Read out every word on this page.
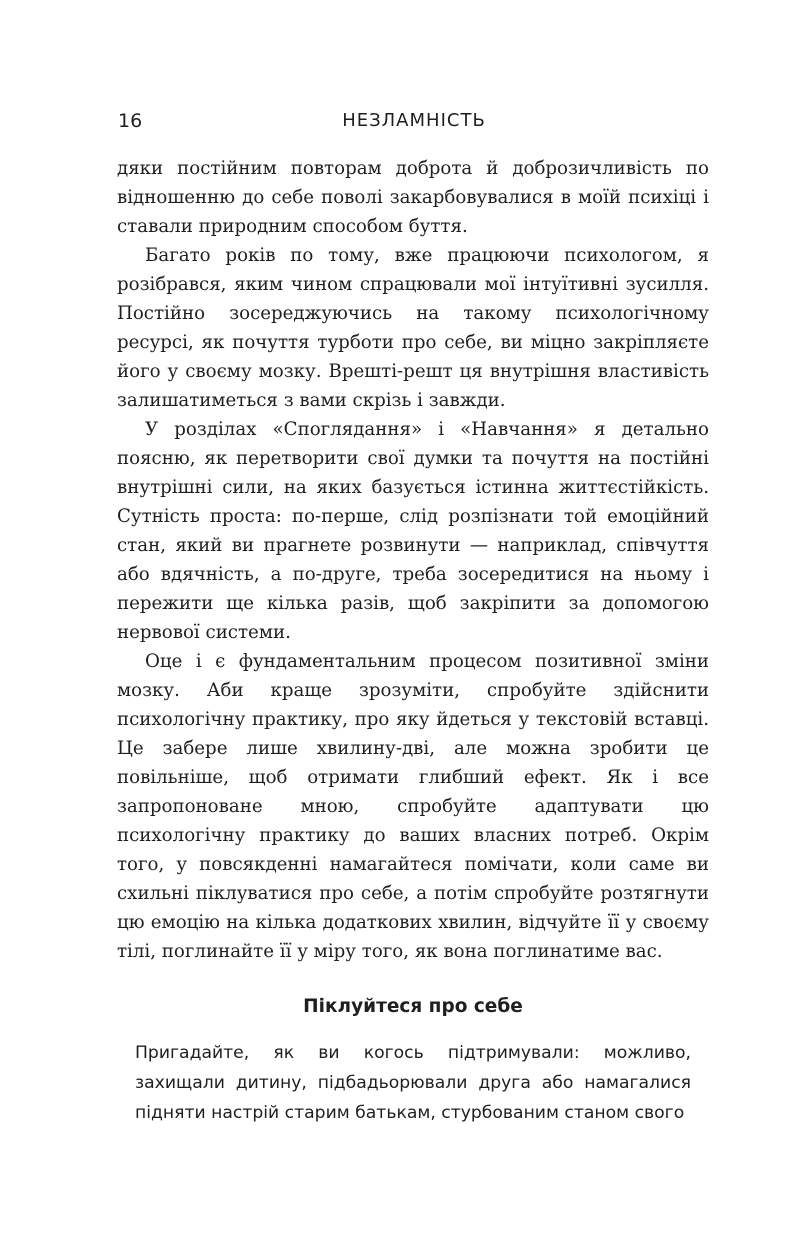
16	НЕЗЛАМНІСТЬ

дяки постійним повторам доброта й доброзичливість по відношенню до себе поволі закарбовувалися в моїй психіці і ставали природним способом буття.

Багато років по тому, вже працюючи психологом, я розібрався, яким чином спрацювали мої інтуїтивні зусилля. Постійно зосереджуючись на такому психологічному ресурсі, як почуття турботи про себе, ви міцно закріпляєте його у своєму мозку. Врешті-решт ця внутрішня властивість залишатиметься з вами скрізь і завжди.

У розділах «Споглядання» і «Навчання» я детально поясню, як перетворити свої думки та почуття на постійні внутрішні сили, на яких базується істинна життєстійкість. Сутність проста: по-перше, слід розпізнати той емоційний стан, який ви прагнете розвинути — наприклад, співчуття або вдячність, а по-друге, треба зосередитися на ньому і пережити ще кілька разів, щоб закріпити за допомогою нервової системи.

Оце і є фундаментальним процесом позитивної зміни мозку. Аби краще зрозуміти, спробуйте здійснити психологічну практику, про яку йдеться у текстовій вставці. Це забере лише хвилину-дві, але можна зробити це повільніше, щоб отримати глибший ефект. Як і все запропоноване мною, спробуйте адаптувати цю психологічну практику до ваших власних потреб. Окрім того, у повсякденні намагайтеся помічати, коли саме ви схильні піклуватися про себе, а потім спробуйте розтягнути цю емоцію на кілька додаткових хвилин, відчуйте її у своєму тілі, поглинайте її у міру того, як вона поглинатиме вас.

Піклуйтеся про себе

Пригадайте, як ви когось підтримували: можливо, захищали дитину, підбадьорювали друга або намагалися підняти настрій старим батькам, стурбованим станом свого
